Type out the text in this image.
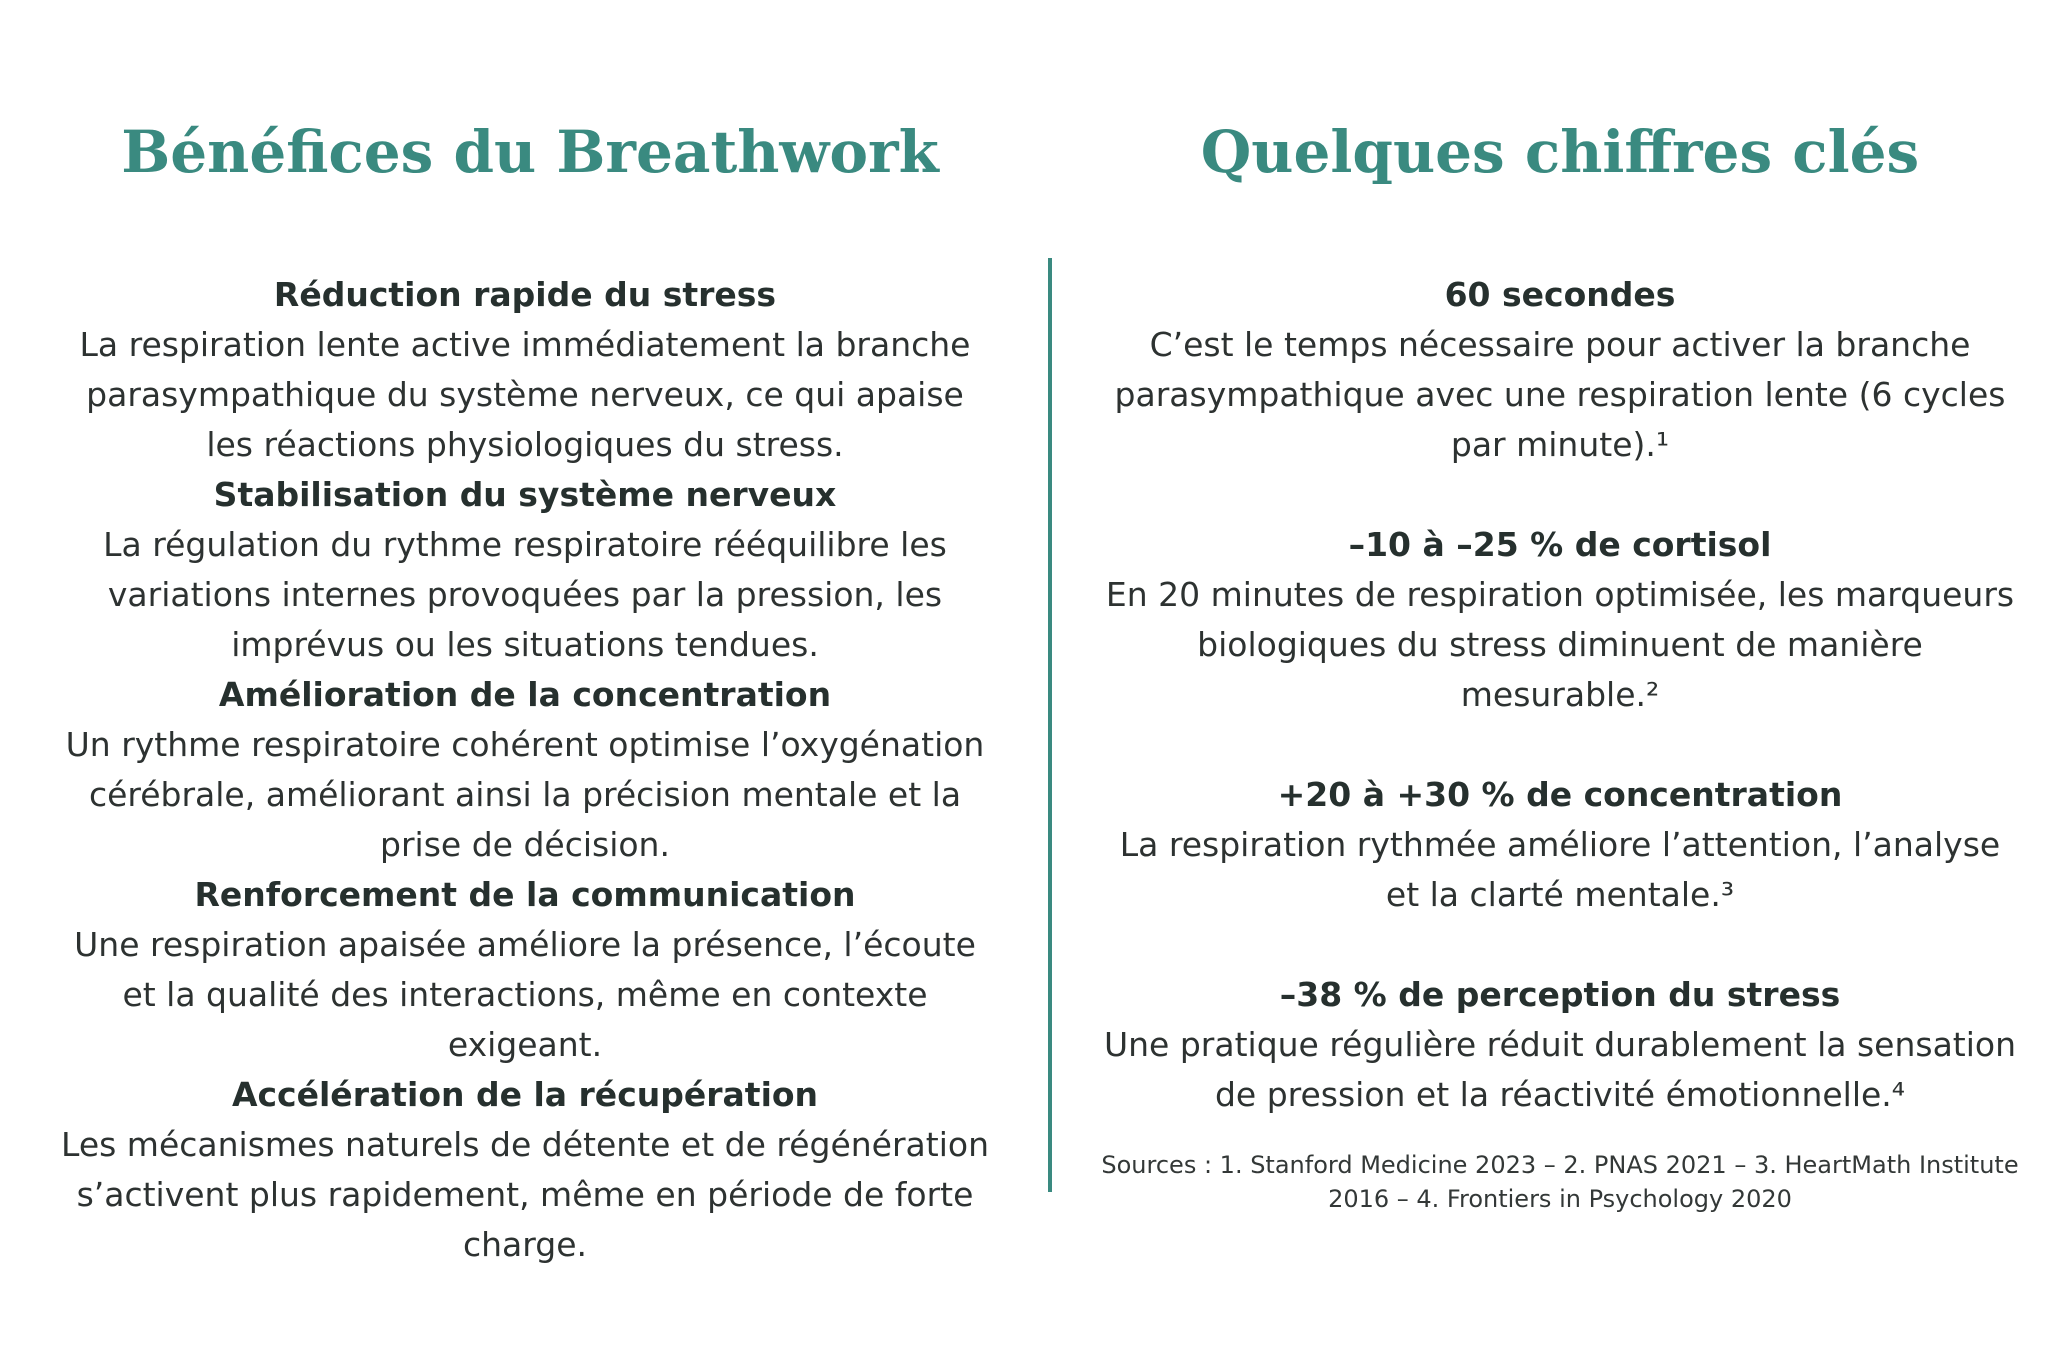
Bénéfices du Breathwork	Quelques chiffres clés

Réduction rapide du stress

La respiration lente active immédiatement la branche parasympathique du système nerveux, ce qui apaise les réactions physiologiques du stress.

Stabilisation du système nerveux

La régulation du rythme respiratoire rééquilibre les variations internes provoquées par la pression, les imprévus ou les situations tendues.

Amélioration de la concentration

Un rythme respiratoire cohérent optimise l’oxygénation cérébrale, améliorant ainsi la précision mentale et la prise de décision.

Renforcement de la communication

Une respiration apaisée améliore la présence, l’écoute et la qualité des interactions, même en contexte exigeant.

Accélération de la récupération

Les mécanismes naturels de détente et de régénération s’activent plus rapidement, même en période de forte charge.

60 secondes

C’est le temps nécessaire pour activer la branche parasympathique avec une respiration lente (6 cycles par minute).¹

–10 à –25 % de cortisol

En 20 minutes de respiration optimisée, les marqueurs biologiques du stress diminuent de manière mesurable.²

+20 à +30 % de concentration

La respiration rythmée améliore l’attention, l’analyse et la clarté mentale.³

–38 % de perception du stress

Une pratique régulière réduit durablement la sensation de pression et la réactivité émotionnelle.⁴

Sources : 1. Stanford Medicine 2023 – 2. PNAS 2021 – 3. HeartMath Institute 2016 – 4. Frontiers in Psychology 2020
